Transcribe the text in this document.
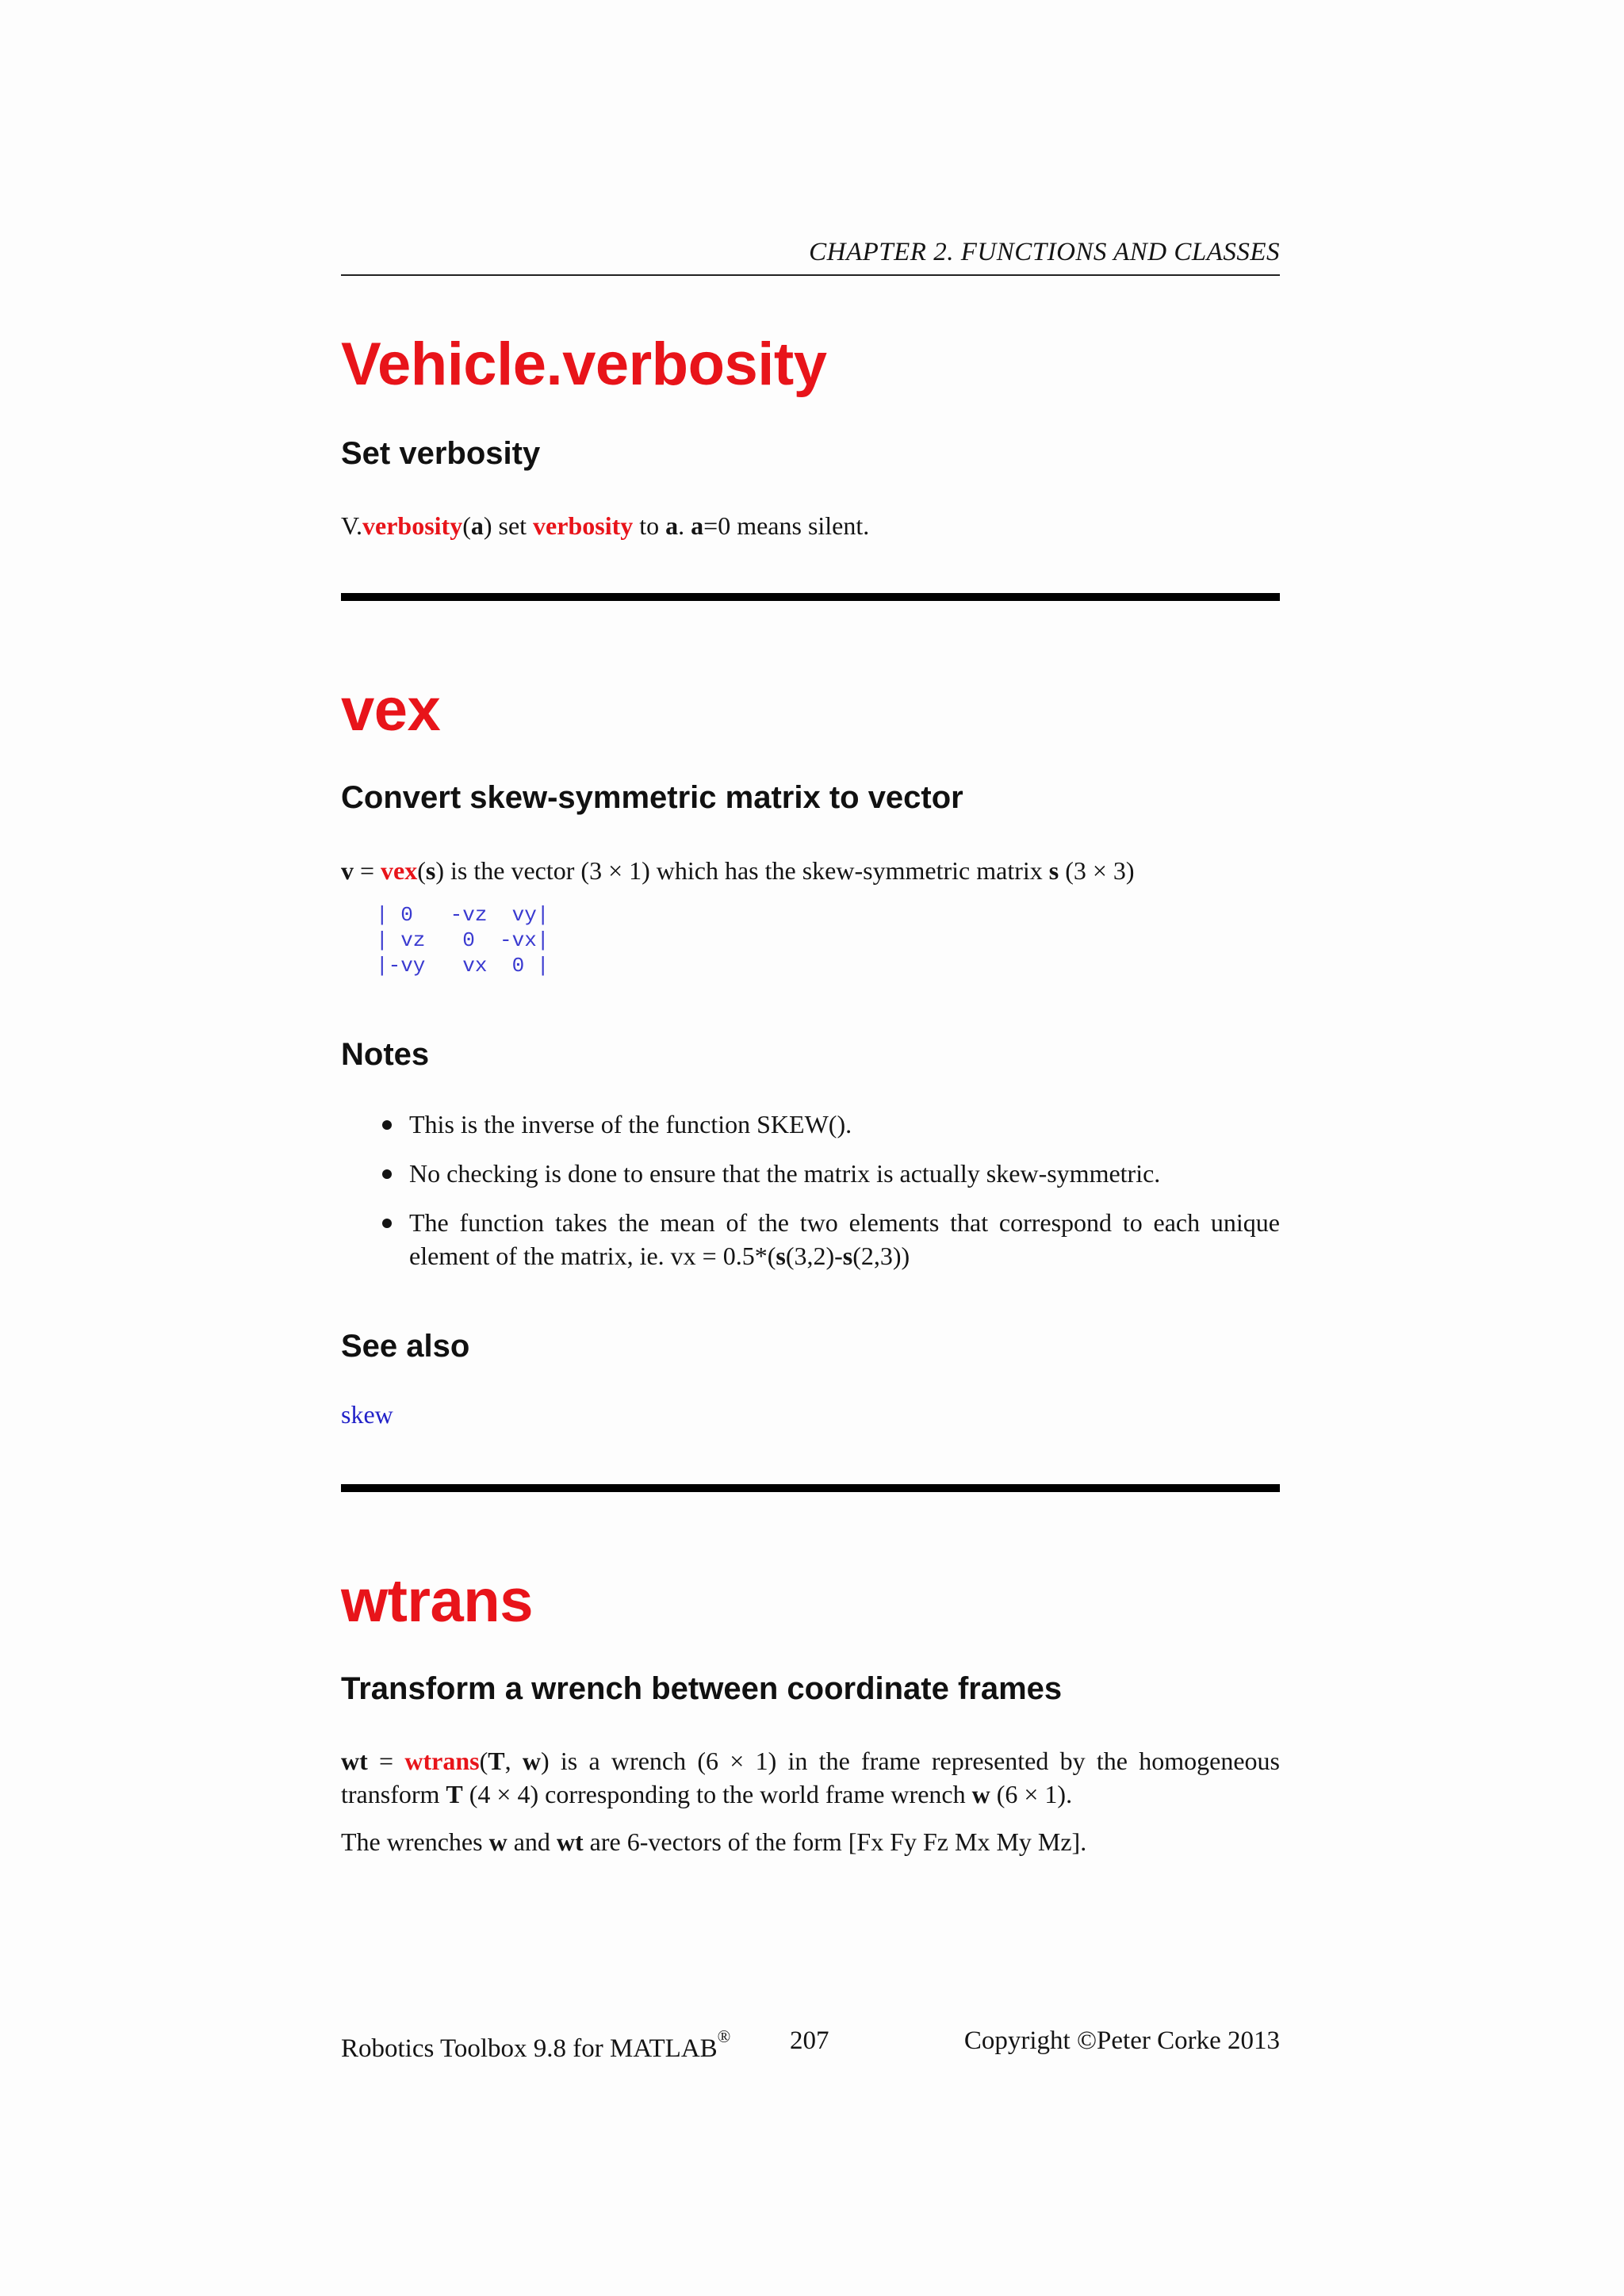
CHAPTER 2. FUNCTIONS AND CLASSES
Vehicle.verbosity
Set verbosity

V.verbosity(a) set verbosity to a. a=0 means silent.

vex
Convert skew-symmetric matrix to vector

v = vex(s) is the vector (3 × 1) which has the skew-symmetric matrix s (3 × 3)

| 0   -vz  vy|
| vz   0  -vx|
|-vy   vx  0 |
Notes
This is the inverse of the function SKEW().
No checking is done to ensure that the matrix is actually skew-symmetric.
The function takes the mean of the two elements that correspond to each unique element of the matrix, ie. vx = 0.5*(s(3,2)-s(2,3))
See also
skew
wtrans
Transform a wrench between coordinate frames

wt = wtrans(T, w) is a wrench (6 × 1) in the frame represented by the homogeneous transform T (4 × 4) corresponding to the world frame wrench w (6 × 1).

The wrenches w and wt are 6-vectors of the form [Fx Fy Fz Mx My Mz].

Robotics Toolbox 9.8 for MATLAB® 207	Copyright ©Peter Corke 2013
